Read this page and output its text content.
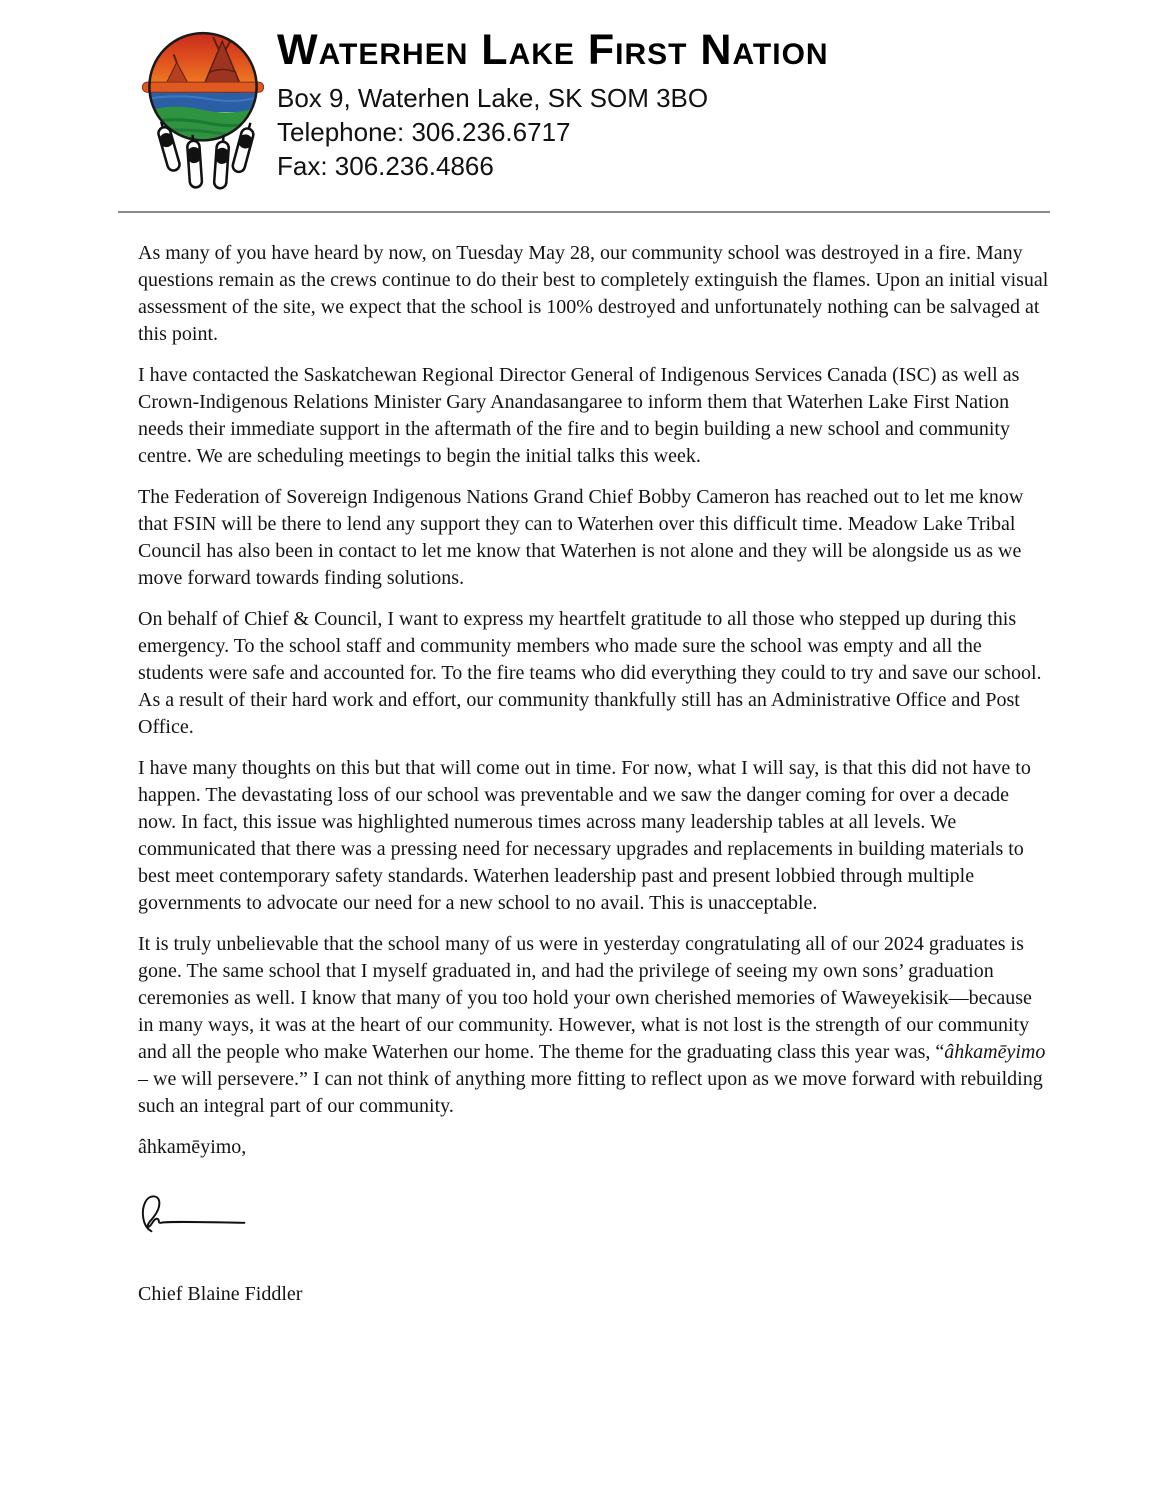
Waterhen Lake First Nation
Box 9, Waterhen Lake, SK SOM 3BO
Telephone: 306.236.6717
Fax: 306.236.4866

As many of you have heard by now, on Tuesday May 28, our community school was destroyed in a fire. Many questions remain as the crews continue to do their best to completely extinguish the flames. Upon an initial visual assessment of the site, we expect that the school is 100% destroyed and unfortunately nothing can be salvaged at this point.

I have contacted the Saskatchewan Regional Director General of Indigenous Services Canada (ISC) as well as Crown-Indigenous Relations Minister Gary Anandasangaree to inform them that Waterhen Lake First Nation needs their immediate support in the aftermath of the fire and to begin building a new school and community centre. We are scheduling meetings to begin the initial talks this week.

The Federation of Sovereign Indigenous Nations Grand Chief Bobby Cameron has reached out to let me know that FSIN will be there to lend any support they can to Waterhen over this difficult time. Meadow Lake Tribal Council has also been in contact to let me know that Waterhen is not alone and they will be alongside us as we move forward towards finding solutions.

On behalf of Chief & Council, I want to express my heartfelt gratitude to all those who stepped up during this emergency. To the school staff and community members who made sure the school was empty and all the students were safe and accounted for. To the fire teams who did everything they could to try and save our school. As a result of their hard work and effort, our community thankfully still has an Administrative Office and Post Office.

I have many thoughts on this but that will come out in time. For now, what I will say, is that this did not have to happen. The devastating loss of our school was preventable and we saw the danger coming for over a decade now. In fact, this issue was highlighted numerous times across many leadership tables at all levels. We communicated that there was a pressing need for necessary upgrades and replacements in building materials to best meet contemporary safety standards. Waterhen leadership past and present lobbied through multiple governments to advocate our need for a new school to no avail. This is unacceptable.

It is truly unbelievable that the school many of us were in yesterday congratulating all of our 2024 graduates is gone. The same school that I myself graduated in, and had the privilege of seeing my own sons’ graduation ceremonies as well. I know that many of you too hold your own cherished memories of Waweyekisik—because in many ways, it was at the heart of our community. However, what is not lost is the strength of our community and all the people who make Waterhen our home. The theme for the graduating class this year was, “âhkamēyimo – we will persevere.” I can not think of anything more fitting to reflect upon as we move forward with rebuilding such an integral part of our community.

âhkamēyimo,

Chief Blaine Fiddler
